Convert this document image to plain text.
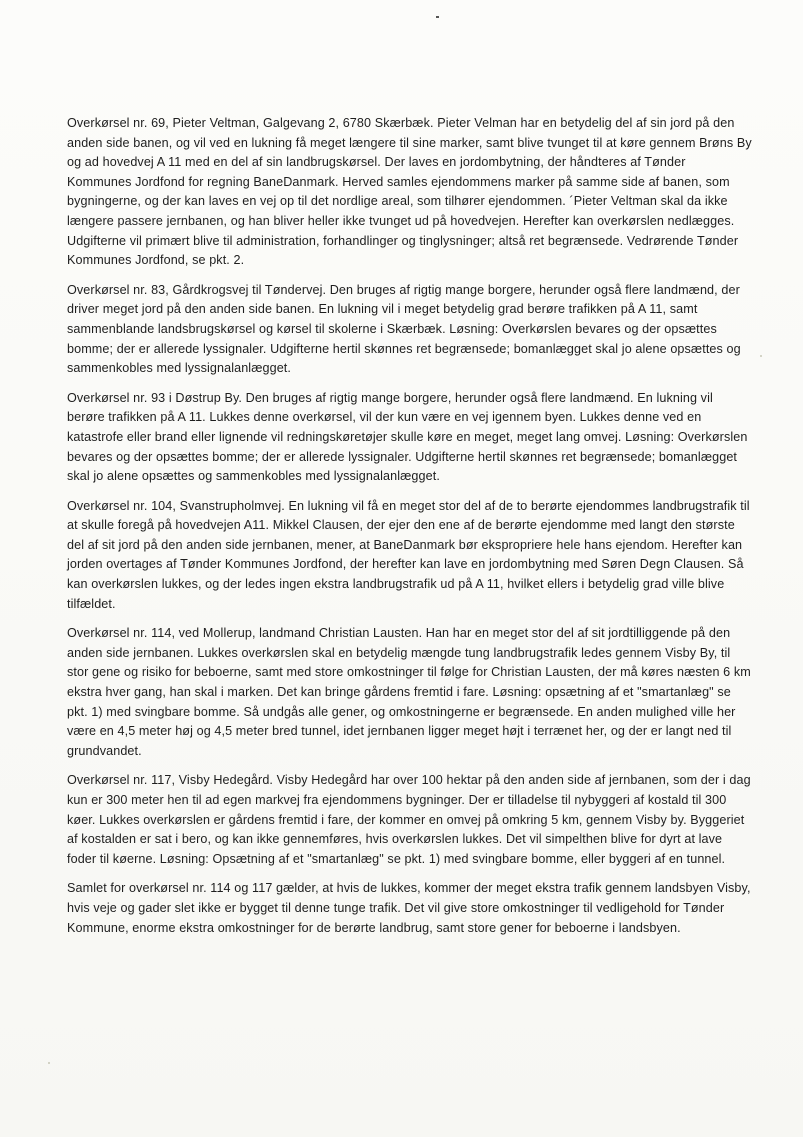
Overkørsel nr. 69, Pieter Veltman, Galgevang 2, 6780 Skærbæk. Pieter Velman har en betydelig del af sin jord på den anden side banen, og vil ved en lukning få meget længere til sine marker, samt blive tvunget til at køre gennem Brøns By og ad hovedvej A 11 med en del af sin landbrugskørsel. Der laves en jordombytning, der håndteres af Tønder Kommunes Jordfond for regning BaneDanmark. Herved samles ejendommens marker på samme side af banen, som bygningerne, og der kan laves en vej op til det nordlige areal, som tilhører ejendommen. ´Pieter Veltman skal da ikke længere passere jernbanen, og han bliver heller ikke tvunget ud på hovedvejen. Herefter kan overkørslen nedlægges. Udgifterne vil primært blive til administration, forhandlinger og tinglysninger; altså ret begrænsede. Vedrørende Tønder Kommunes Jordfond, se pkt. 2.

Overkørsel nr. 83, Gårdkrogsvej til Tøndervej. Den bruges af rigtig mange borgere, herunder også flere landmænd, der driver meget jord på den anden side banen. En lukning vil i meget betydelig grad berøre trafikken på A 11, samt sammenblande landsbrugskørsel og kørsel til skolerne i Skærbæk. Løsning: Overkørslen bevares og der opsættes bomme; der er allerede lyssignaler. Udgifterne hertil skønnes ret begrænsede; bomanlægget skal jo alene opsættes og sammenkobles med lyssignalanlægget.

Overkørsel nr. 93 i Døstrup By. Den bruges af rigtig mange borgere, herunder også flere landmænd. En lukning vil berøre trafikken på A 11. Lukkes denne overkørsel, vil der kun være en vej igennem byen. Lukkes denne ved en katastrofe eller brand eller lignende vil redningskøretøjer skulle køre en meget, meget lang omvej. Løsning: Overkørslen bevares og der opsættes bomme; der er allerede lyssignaler. Udgifterne hertil skønnes ret begrænsede; bomanlægget skal jo alene opsættes og sammenkobles med lyssignalanlægget.

Overkørsel nr. 104, Svanstrupholmvej. En lukning vil få en meget stor del af de to berørte ejendommes landbrugstrafik til at skulle foregå på hovedvejen A11. Mikkel Clausen, der ejer den ene af de berørte ejendomme med langt den største del af sit jord på den anden side jernbanen, mener, at BaneDanmark bør ekspropriere hele hans ejendom. Herefter kan jorden overtages af Tønder Kommunes Jordfond, der herefter kan lave en jordombytning med Søren Degn Clausen. Så kan overkørslen lukkes, og der ledes ingen ekstra landbrugstrafik ud på A 11, hvilket ellers i betydelig grad ville blive tilfældet.

Overkørsel nr. 114, ved Mollerup, landmand Christian Lausten. Han har en meget stor del af sit jordtilliggende på den anden side jernbanen. Lukkes overkørslen skal en betydelig mængde tung landbrugstrafik ledes gennem Visby By, til stor gene og risiko for beboerne, samt med store omkostninger til følge for Christian Lausten, der må køres næsten 6 km ekstra hver gang, han skal i marken. Det kan bringe gårdens fremtid i fare. Løsning: opsætning af et "smartanlæg" se pkt. 1) med svingbare bomme. Så undgås alle gener, og omkostningerne er begrænsede. En anden mulighed ville her være en 4,5 meter høj og 4,5 meter bred tunnel, idet jernbanen ligger meget højt i terrænet her, og der er langt ned til grundvandet.

Overkørsel nr. 117, Visby Hedegård. Visby Hedegård har over 100 hektar på den anden side af jernbanen, som der i dag kun er 300 meter hen til ad egen markvej fra ejendommens bygninger. Der er tilladelse til nybyggeri af kostald til 300 køer. Lukkes overkørslen er gårdens fremtid i fare, der kommer en omvej på omkring 5 km, gennem Visby by. Byggeriet af kostalden er sat i bero, og kan ikke gennemføres, hvis overkørslen lukkes. Det vil simpelthen blive for dyrt at lave foder til køerne. Løsning: Opsætning af et "smartanlæg" se pkt. 1) med svingbare bomme, eller byggeri af en tunnel.

Samlet for overkørsel nr. 114 og 117 gælder, at hvis de lukkes, kommer der meget ekstra trafik gennem landsbyen Visby, hvis veje og gader slet ikke er bygget til denne tunge trafik. Det vil give store omkostninger til vedligehold for Tønder Kommune, enorme ekstra omkostninger for de berørte landbrug, samt store gener for beboerne i landsbyen.
